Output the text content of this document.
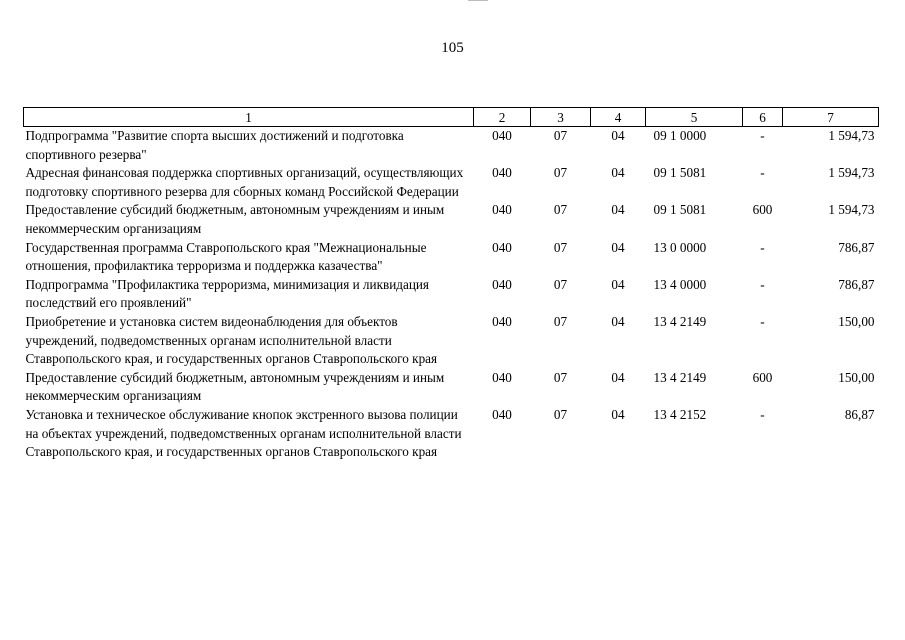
105
1	2	3	4	5	6	7
Подпрограмма "Развитие спорта высших достижений и подготовка спортивного резерва"	040	07	04	09 1 0000	-	1 594,73
Адресная финансовая поддержка спортивных организаций, осуществляющих подготовку спортивного резерва для сборных команд Российской Федерации	040	07	04	09 1 5081	-	1 594,73
Предоставление субсидий бюджетным, автономным учреждениям и иным некоммерческим организациям	040	07	04	09 1 5081	600	1 594,73
Государственная программа Ставропольского края "Межнациональные отношения, профилактика терроризма и поддержка казачества"	040	07	04	13 0 0000	-	786,87
Подпрограмма "Профилактика терроризма, минимизация и ликвидация последствий его проявлений"	040	07	04	13 4 0000	-	786,87
Приобретение и установка систем видеонаблюдения для объектов учреждений, подведомственных органам исполнительной власти Ставропольского края, и государственных органов Ставропольского края	040	07	04	13 4 2149	-	150,00
Предоставление субсидий бюджетным, автономным учреждениям и иным некоммерческим организациям	040	07	04	13 4 2149	600	150,00
Установка и техническое обслуживание кнопок экстренного вызова полиции на объектах учреждений, подведомственных органам исполнительной власти Ставропольского края, и государственных органов Ставропольского края	040	07	04	13 4 2152	-	86,87
